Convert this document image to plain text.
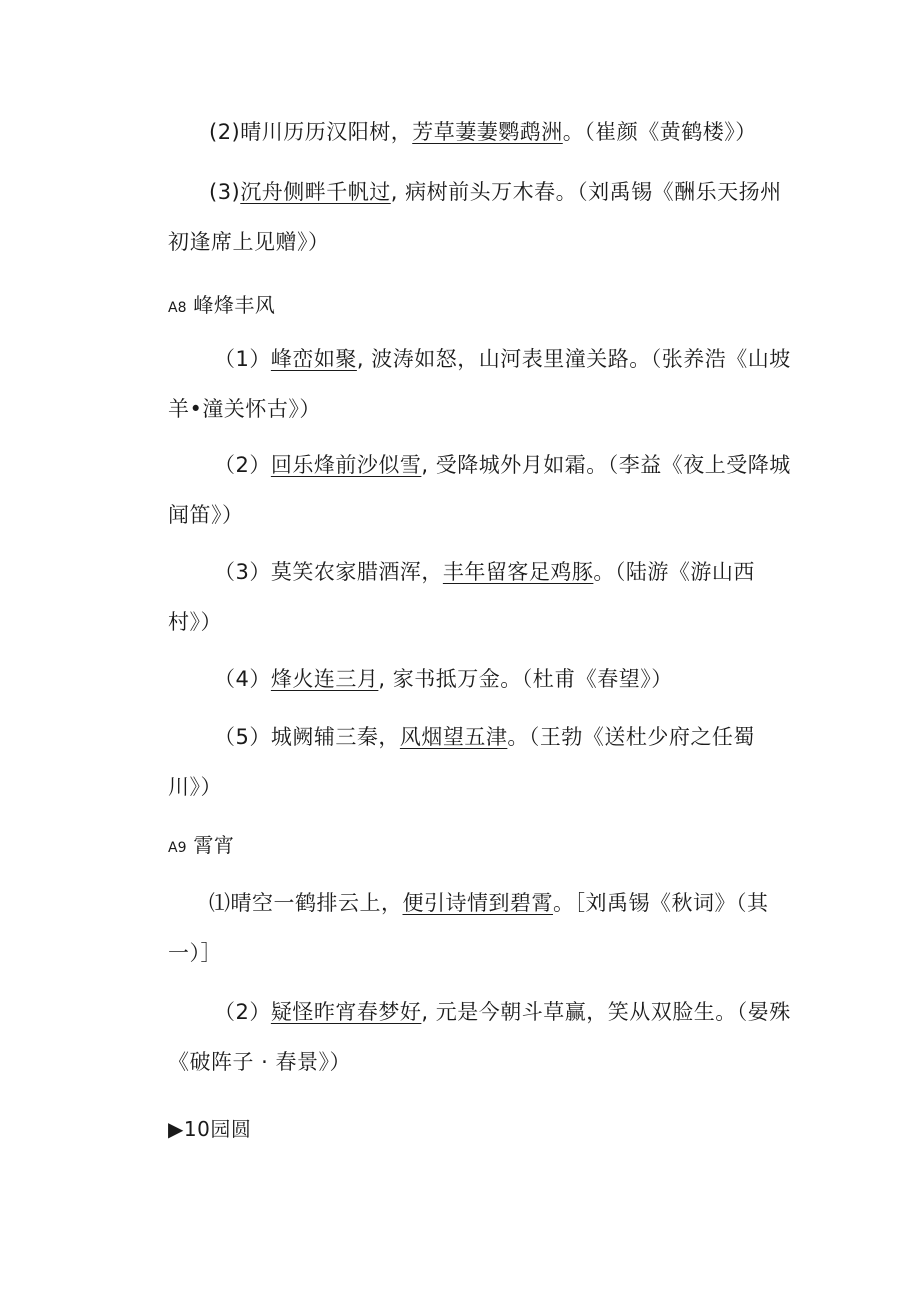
(2)晴川历历汉阳树，芳草萋萋鹦鹉洲。（崔颜《黄鹤楼》）
(3)沉舟侧畔千帆过, 病树前头万木春。（刘禹锡《酬乐天扬州
初逢席上见赠》）
A8 峰烽丰风
（1）峰峦如聚, 波涛如怒，山河表里潼关路。（张养浩《山坡
羊•潼关怀古》）
（2）回乐烽前沙似雪, 受降城外月如霜。（李益《夜上受降城
闻笛》）
（3）莫笑农家腊酒浑，丰年留客足鸡豚。（陆游《游山西
村》）
（4）烽火连三月, 家书抵万金。（杜甫《春望》）
（5）城阙辅三秦，风烟望五津。（王勃《送杜少府之任蜀
川》）
A9 霄宵
⑴晴空一鹤排云上，便引诗情到碧霄。［刘禹锡《秋词》（其
一）］
（2）疑怪昨宵春梦好, 元是今朝斗草赢，笑从双脸生。（晏殊
《破阵子 · 春景》）
▶10园圆
